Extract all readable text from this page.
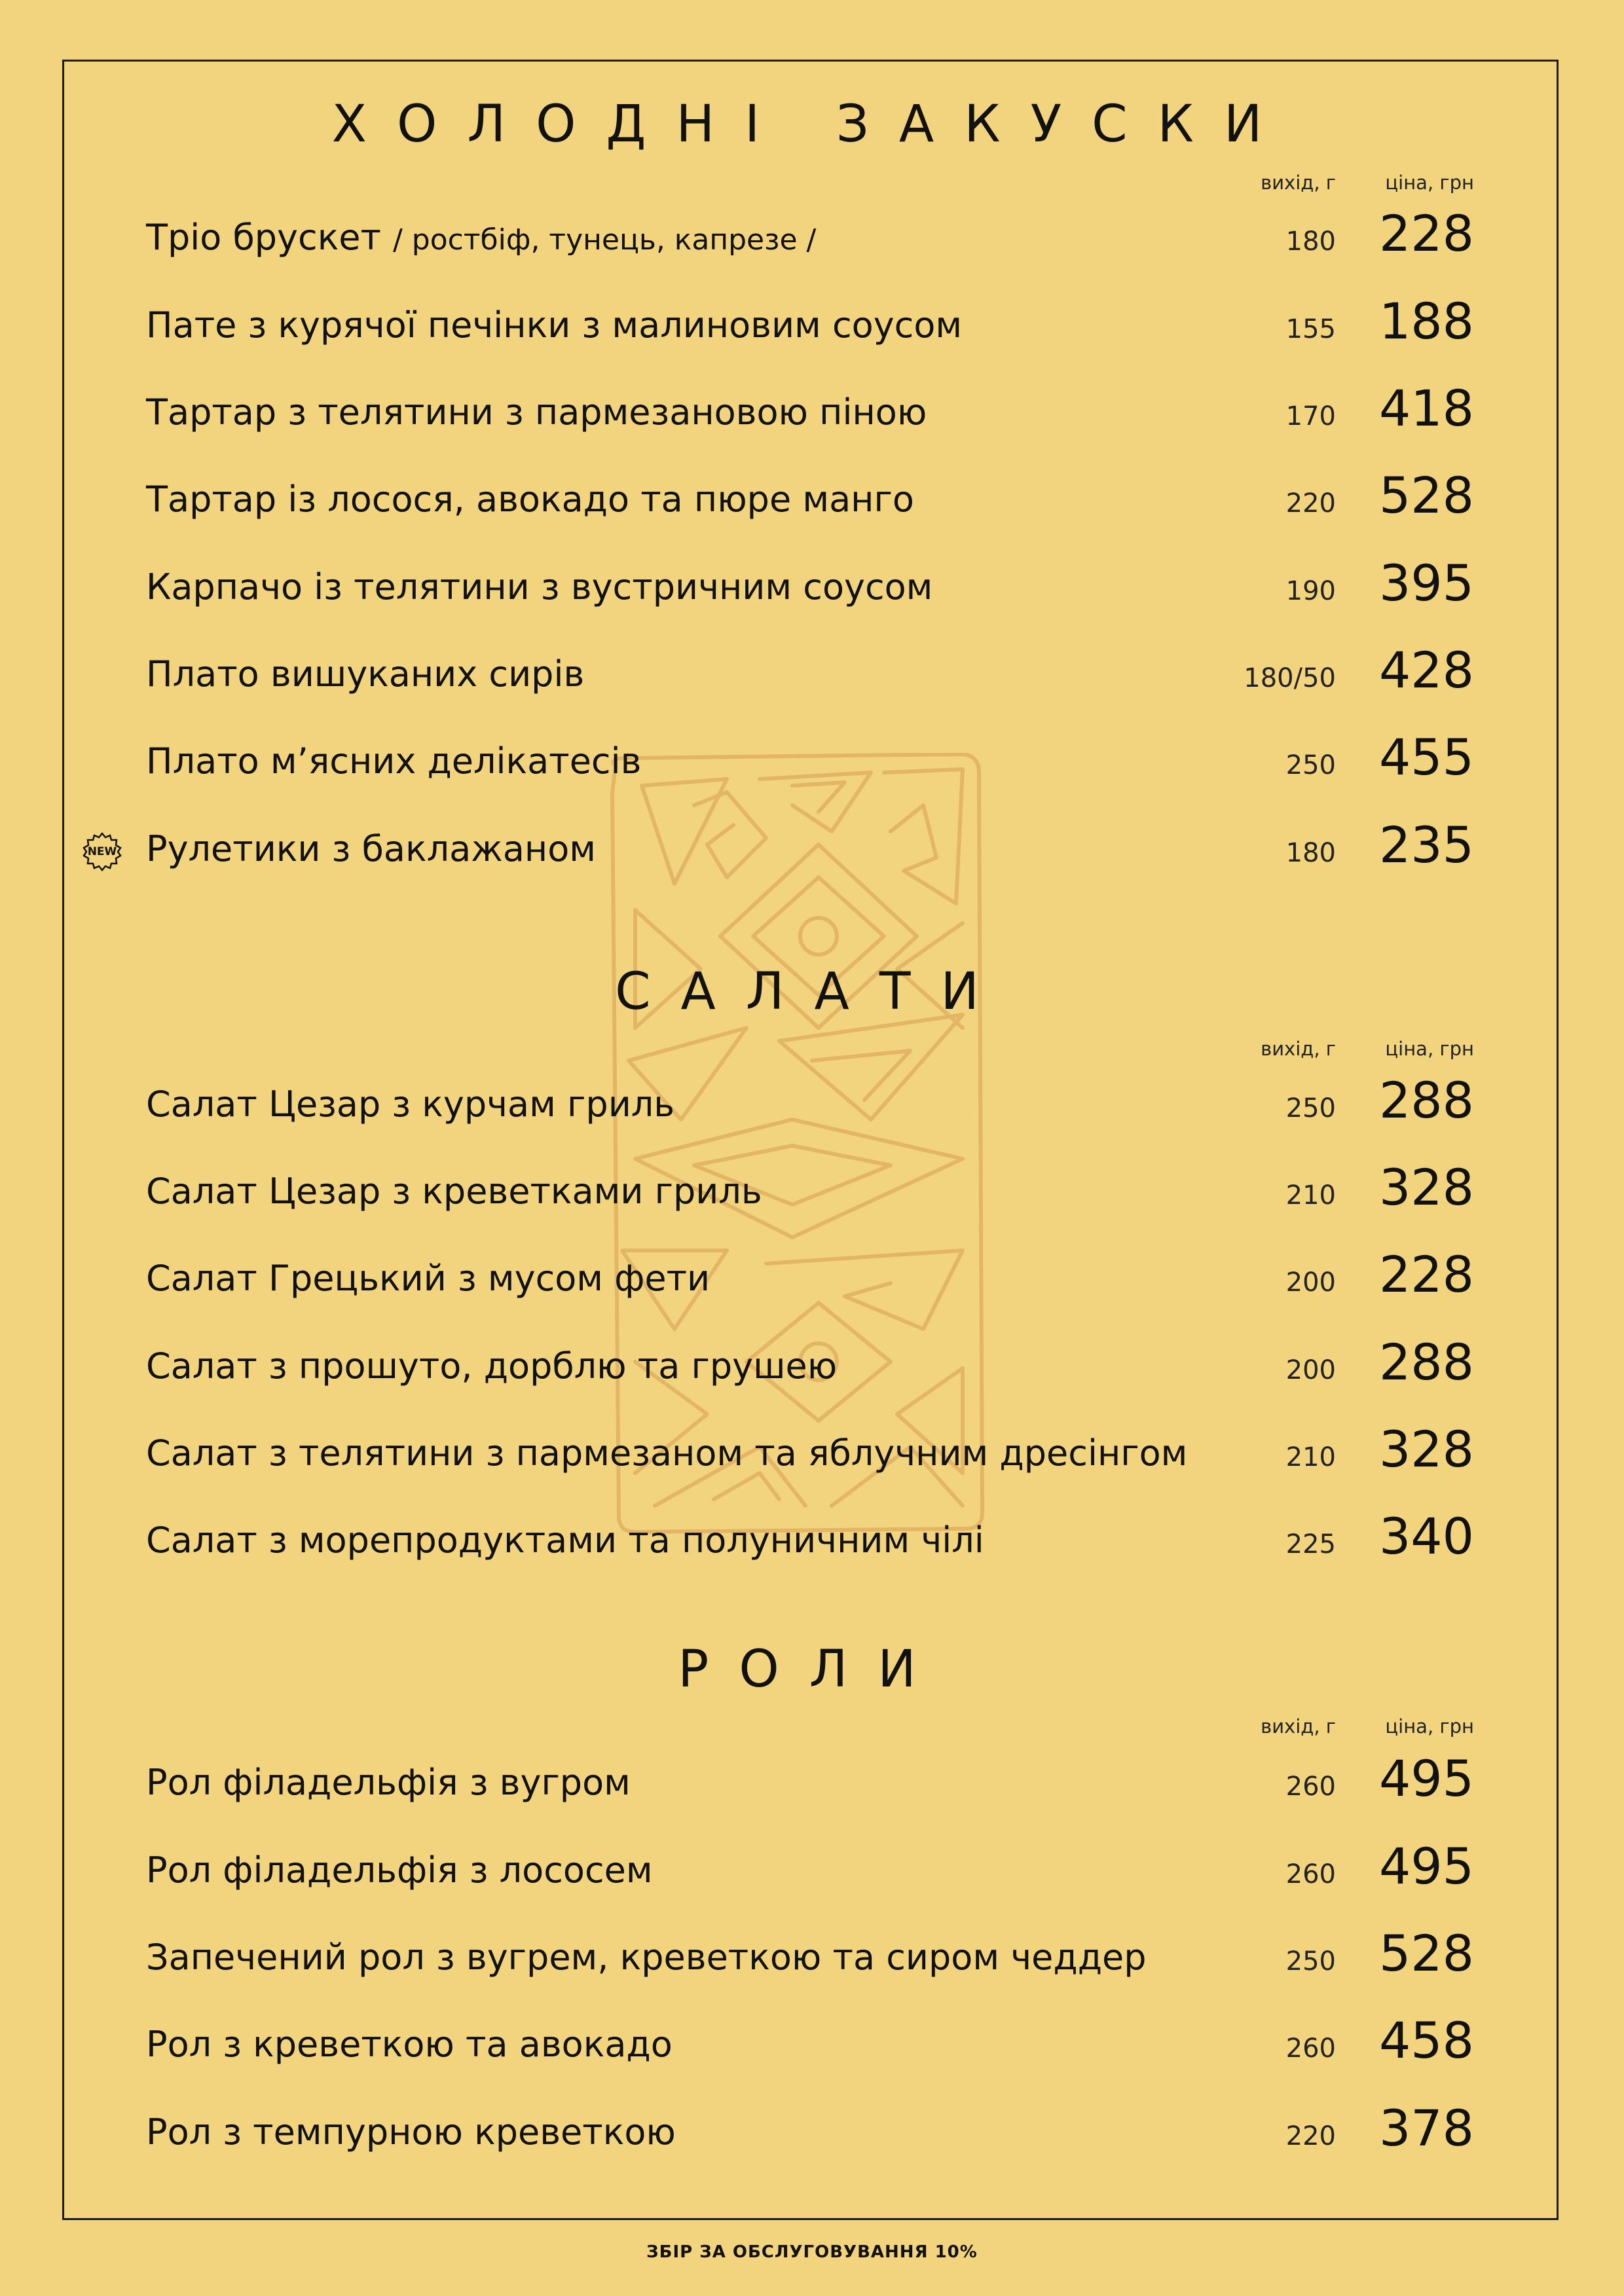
ХОЛОДНІ ЗАКУСКИ
вихід, г	ціна, грн
Тріо брускет / ростбіф, тунець, капрезе /	180 228
Пате з курячої печінки з малиновим соусом	155 188
Тартар з телятини з пармезановою піною	170 418
Тартар із лосося, авокадо та пюре манго	220 528
Карпачо із телятини з вустричним соусом	190 395
Плато вишуканих сирів	180/50 428
Плато м’ясних делікатесів	250 455
NEW Рулетики з баклажаном	180 235
САЛАТИ
вихід, г	ціна, грн
Салат Цезар з курчам гриль	250 288
Салат Цезар з креветками гриль	210 328
Салат Грецький з мусом фети	200 228
Салат з прошуто, дорблю та грушею	200 288
Салат з телятини з пармезаном та яблучним дресінгом	210 328
Салат з морепродуктами та полуничним чілі	225 340
РОЛИ
вихід, г	ціна, грн
Рол філадельфія з вугром	260 495
Рол філадельфія з лососем	260 495
Запечений рол з вугрем, креветкою та сиром чеддер	250 528
Рол з креветкою та авокадо	260 458
Рол з темпурною креветкою	220 378
ЗБІР ЗА ОБСЛУГОВУВАННЯ 10%
